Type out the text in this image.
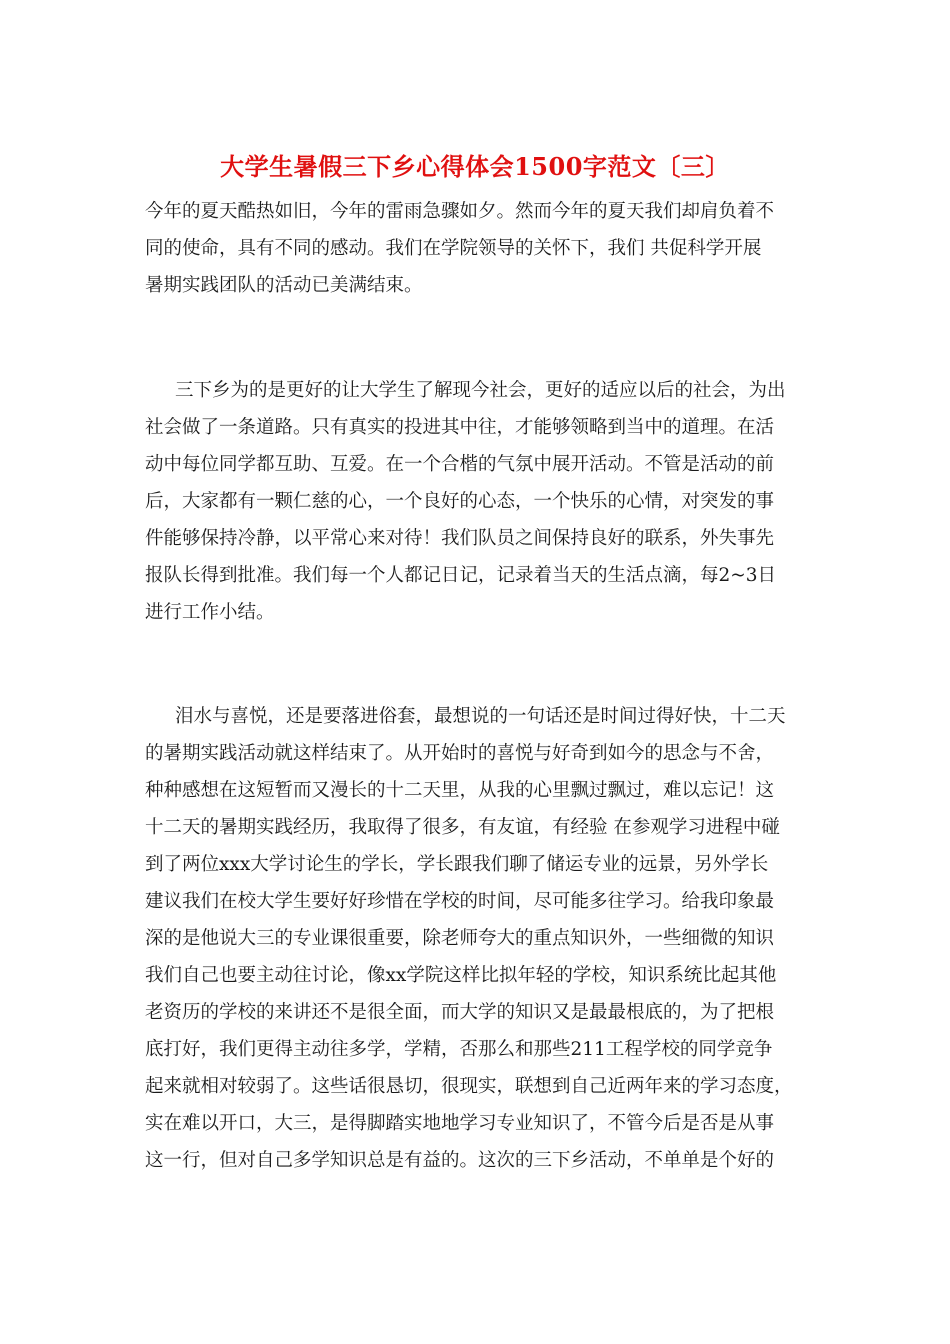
大学生暑假三下乡心得体会1500字范文〔三〕
今年的夏天酷热如旧，今年的雷雨急骤如夕。然而今年的夏天我们却肩负着不
同的使命，具有不同的感动。我们在学院领导的关怀下，我们 共促科学开展
暑期实践团队的活动已美满结束。
三下乡为的是更好的让大学生了解现今社会，更好的适应以后的社会，为出
社会做了一条道路。只有真实的投进其中往，才能够领略到当中的道理。在活
动中每位同学都互助、互爱。在一个合楷的气氛中展开活动。不管是活动的前
后，大家都有一颗仁慈的心，一个良好的心态，一个快乐的心情，对突发的事
件能够保持冷静，以平常心来对待！我们队员之间保持良好的联系，外失事先
报队长得到批准。我们每一个人都记日记，记录着当天的生活点滴，每2~3日
进行工作小结。
泪水与喜悦，还是要落进俗套，最想说的一句话还是时间过得好快，十二天
的暑期实践活动就这样结束了。从开始时的喜悦与好奇到如今的思念与不舍，
种种感想在这短暂而又漫长的十二天里，从我的心里飘过飘过，难以忘记！这
十二天的暑期实践经历，我取得了很多，有友谊，有经验 在参观学习进程中碰
到了两位xxx大学讨论生的学长，学长跟我们聊了储运专业的远景，另外学长
建议我们在校大学生要好好珍惜在学校的时间，尽可能多往学习。给我印象最
深的是他说大三的专业课很重要，除老师夸大的重点知识外，一些细微的知识
我们自己也要主动往讨论，像xx学院这样比拟年轻的学校，知识系统比起其他
老资历的学校的来讲还不是很全面，而大学的知识又是最最根底的，为了把根
底打好，我们更得主动往多学，学精，否那么和那些211工程学校的同学竞争
起来就相对较弱了。这些话很恳切，很现实，联想到自己近两年来的学习态度，
实在难以开口，大三，是得脚踏实地地学习专业知识了，不管今后是否是从事
这一行，但对自己多学知识总是有益的。这次的三下乡活动，不单单是个好的
